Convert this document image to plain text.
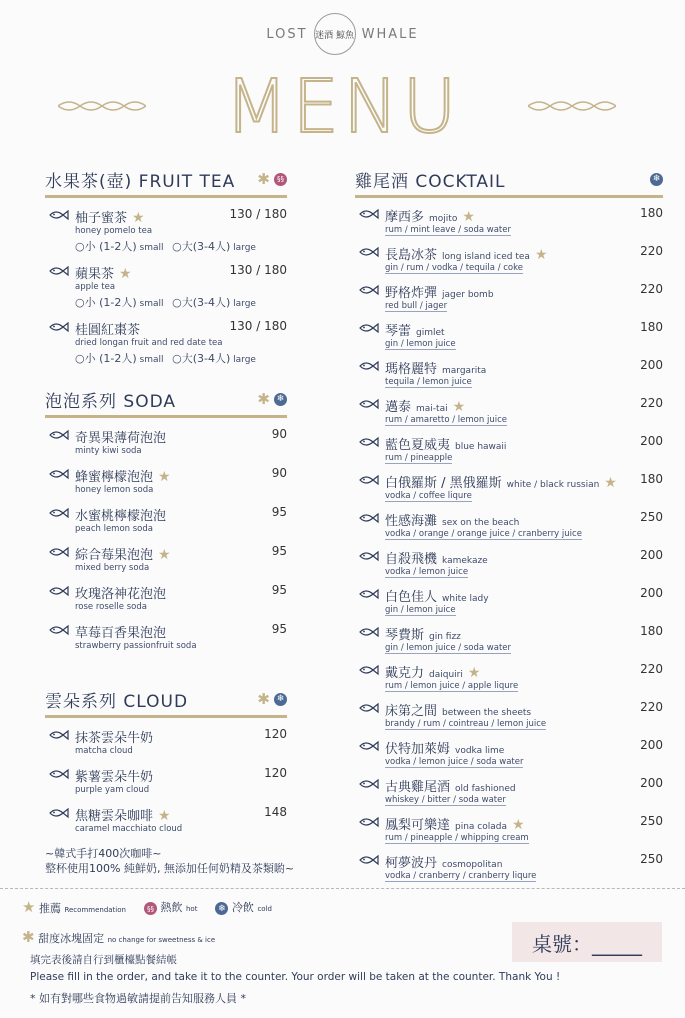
LOST 迷酒 鯨魚 WHALE
MENU
水果茶(壺) FRUIT TEA ✱	§§
柚子蜜茶 ★	130 / 180
honey pomelo tea
○小 (1-2人) small ○大(3-4人) large
蘋果茶 ★	130 / 180
apple tea
○小 (1-2人) small ○大(3-4人) large
桂圓紅棗茶	130 / 180
dried longan fruit and red date tea
○小 (1-2人) small ○大(3-4人) large
泡泡系列 SODA	✱ ❄
奇異果薄荷泡泡	90
minty kiwi soda
蜂蜜檸檬泡泡 ★	90
honey lemon soda
水蜜桃檸檬泡泡	95
peach lemon soda
綜合莓果泡泡 ★	95
mixed berry soda
玫瑰洛神花泡泡	95
rose roselle soda
草莓百香果泡泡	95
strawberry passionfruit soda
雲朵系列 CLOUD	✱ ❄
抹茶雲朵牛奶	120
matcha cloud
紫薯雲朵牛奶	120
purple yam cloud
焦糖雲朵咖啡 ★	148
caramel macchiato cloud
~韓式手打400次咖啡~
整杯使用100% 純鮮奶, 無添加任何奶精及茶類喲~
雞尾酒 COCKTAIL	❄
摩西多 mojito ★	180
rum / mint leave / soda water
長島冰茶 long island iced tea ★	220
gin / rum / vodka / tequila / coke
野格炸彈 jager bomb	220
red bull / jager
琴蕾 gimlet	180
gin / lemon juice
瑪格麗特 margarita	200
tequila / lemon juice
邁泰 mai-tai ★	220
rum / amaretto / lemon juice
藍色夏威夷 blue hawaii	200
rum / pineapple
白俄羅斯 / 黑俄羅斯 white / black russian ★ 180
vodka / coffee liqure
性感海灘 sex on the beach	250
vodka / orange / orange juice / cranberry juice
自殺飛機 kamekaze	200
vodka / lemon juice
白色佳人 white lady	200
gin / lemon juice
琴費斯 gin fizz	180
gin / lemon juice / soda water
戴克力 daiquiri ★	220
rum / lemon juice / apple liqure
床第之間 between the sheets	220
brandy / rum / cointreau / lemon juice
伏特加萊姆 vodka lime	200
vodka / lemon juice / soda water
古典雞尾酒 old fashioned	200
whiskey / bitter / soda water
鳳梨可樂達 pina colada ★	250
rum / pineapple / whipping cream
柯夢波丹 cosmopolitan	250
vodka / cranberry / cranberry liqure
★ 推薦 Recommendation	§§ 熱飲 hot	❄ 冷飲 cold
✱ 甜度冰塊固定 no change for sweetness & ice	桌號：_____
填完表後請自行到櫃檯點餐結帳
Please fill in the order, and take it to the counter. Your order will be taken at the counter. Thank You !
* 如有對哪些食物過敏請提前告知服務人員 *
